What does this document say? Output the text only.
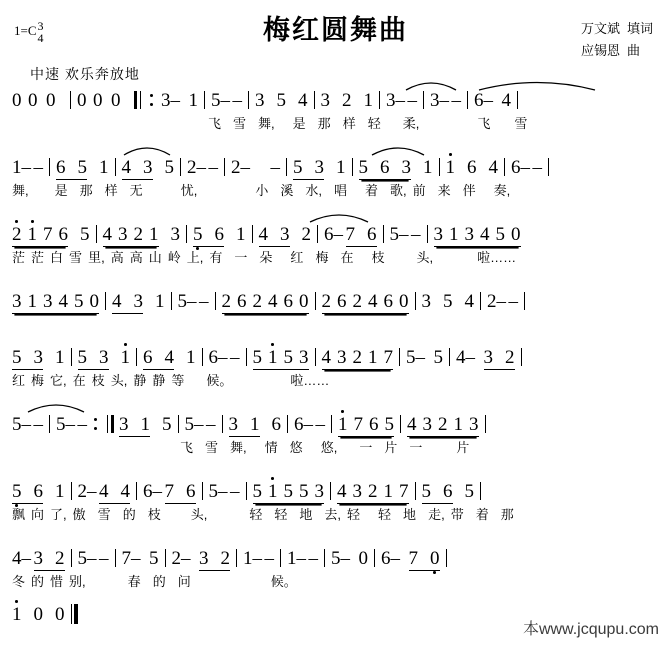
1=C 3
4	梅红圆舞曲	万文斌 填词
应锡恩 曲
中速 欢乐奔放地
0 0 0 0 0 0 3– 1 5– – 3 5 4 3 2 1 3– – 3– – 6– 4
飞 雪 舞, 是 那 样 轻 柔,	飞 雪
1– – 6 5 1 4 3 5 2– – 2– – 5 3 1 5 6 3 1 1 6 4 6– –
舞, 是 那 样 无	忧,	小 溪 水, 唱 着 歌, 前 来 伴 奏,
2 1 7 6 5 4 3 2 1 3 5 6 1 4 3 2 6– 7 6 5– – 3 1 3 4 5 0
茫 茫 白 雪 里, 高 高 山 岭 上, 有 一 朵 红 梅 在 枝 头,	啦……
3 1 3 4 5 0 4 3 1 5– – 2 6 2 4 6 0 2 6 2 4 6 0 3 5 4 2– –
5 3 1 5 3 1 6 4 1 6– – 5 1 5 3 4 3 2 1 7 5– 5 4– 3 2
红 梅 它, 在 枝 头, 静 静 等 候。	啦……
5– – 5– – 3 1 5 5– – 3 1 6 6– – 1 7 6 5 4 3 2 1 3
飞 雪 舞, 情 悠 悠, 一 片 一	片
5 6 1 2– 4 4 6– 7 6 5– – 5 1 5 5 3 4 3 2 1 7 5 6 5
飘 向 了, 傲 雪 的 枝 头,	轻 轻 地 去, 轻 轻 地 走, 带 着 那
4– 3 2 5– – 7– 5 2– 3 2 1– – 1– – 5– 0 6– 7 0
冬 的 惜 别,	春 的 问	候。
1 0 0
本www.jcqupu.com
